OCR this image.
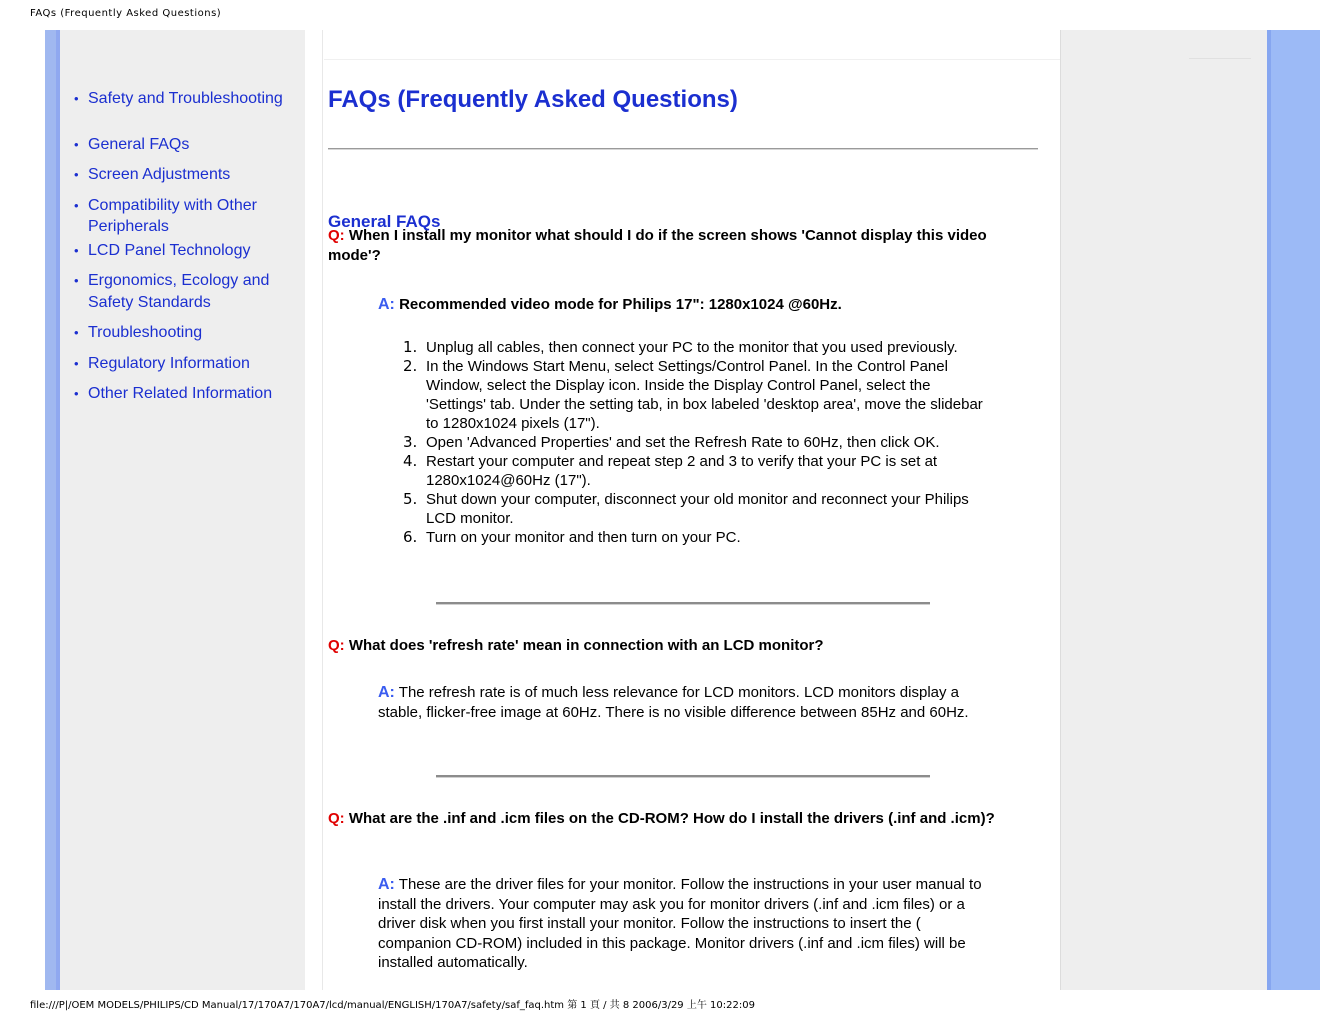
FAQs (Frequently Asked Questions)
• Safety and Troubleshooting
• General FAQs
• Screen Adjustments
• Compatibility with Other Peripherals
• LCD Panel Technology
• Ergonomics, Ecology and Safety Standards
• Troubleshooting
• Regulatory Information
• Other Related Information
FAQs (Frequently Asked Questions)
General FAQs
Q: When I install my monitor what should I do if the screen shows 'Cannot display this video mode'?
A: Recommended video mode for Philips 17": 1280x1024 @60Hz.
1. Unplug all cables, then connect your PC to the monitor that you used previously.
2. In the Windows Start Menu, select Settings/Control Panel. In the Control Panel Window, select the Display icon. Inside the Display Control Panel, select the 'Settings' tab. Under the setting tab, in box labeled 'desktop area', move the slidebar to 1280x1024 pixels (17").
3. Open 'Advanced Properties' and set the Refresh Rate to 60Hz, then click OK.
4. Restart your computer and repeat step 2 and 3 to verify that your PC is set at 1280x1024@60Hz (17").
5. Shut down your computer, disconnect your old monitor and reconnect your Philips LCD monitor.
6. Turn on your monitor and then turn on your PC.
Q: What does 'refresh rate' mean in connection with an LCD monitor?
A: The refresh rate is of much less relevance for LCD monitors. LCD monitors display a stable, flicker-free image at 60Hz. There is no visible difference between 85Hz and 60Hz.
Q: What are the .inf and .icm files on the CD-ROM? How do I install the drivers (.inf and .icm)?
A: These are the driver files for your monitor. Follow the instructions in your user manual to install the drivers. Your computer may ask you for monitor drivers (.inf and .icm files) or a driver disk when you first install your monitor. Follow the instructions to insert the ( companion CD-ROM) included in this package. Monitor drivers (.inf and .icm files) will be installed automatically.
file:///P|/OEM MODELS/PHILIPS/CD Manual/17/170A7/170A7/lcd/manual/ENGLISH/170A7/safety/saf_faq.htm 第 1 頁 / 共 8 2006/3/29 上午 10:22:09
